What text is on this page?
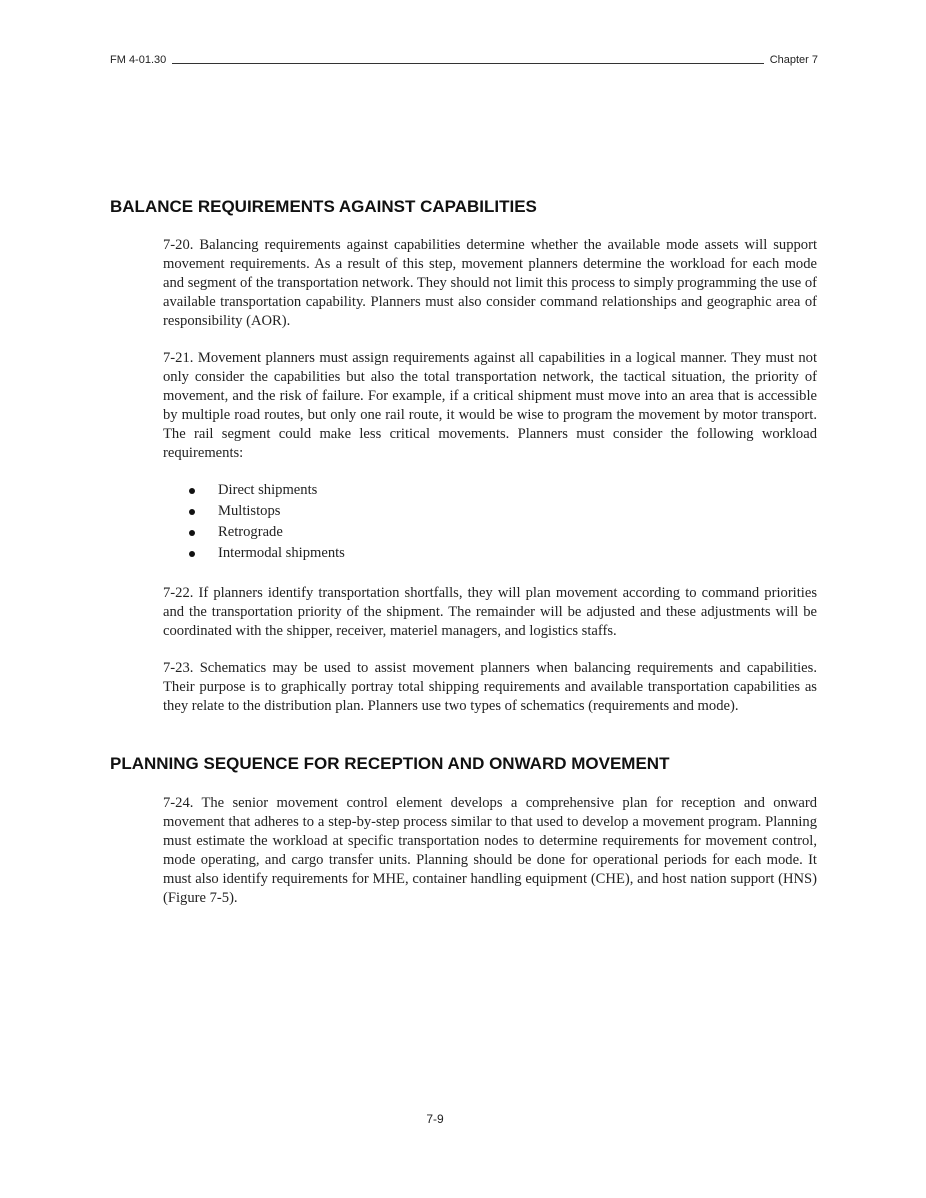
FM 4-01.30	Chapter 7
BALANCE REQUIREMENTS AGAINST CAPABILITIES

7-20. Balancing requirements against capabilities determine whether the available mode assets will support movement requirements. As a result of this step, movement planners determine the workload for each mode and segment of the transportation network. They should not limit this process to simply programming the use of available transportation capability. Planners must also consider command relationships and geographic area of responsibility (AOR).

7-21. Movement planners must assign requirements against all capabilities in a logical manner. They must not only consider the capabilities but also the total transportation network, the tactical situation, the priority of movement, and the risk of failure. For example, if a critical shipment must move into an area that is accessible by multiple road routes, but only one rail route, it would be wise to program the movement by motor transport. The rail segment could make less critical movements. Planners must consider the following workload requirements:

Direct shipments
Multistops
Retrograde
Intermodal shipments

7-22. If planners identify transportation shortfalls, they will plan movement according to command priorities and the transportation priority of the shipment. The remainder will be adjusted and these adjustments will be coordinated with the shipper, receiver, materiel managers, and logistics staffs.

7-23. Schematics may be used to assist movement planners when balancing requirements and capabilities. Their purpose is to graphically portray total shipping requirements and available transportation capabilities as they relate to the distribution plan. Planners use two types of schematics (requirements and mode).

PLANNING SEQUENCE FOR RECEPTION AND ONWARD MOVEMENT

7-24. The senior movement control element develops a comprehensive plan for reception and onward movement that adheres to a step-by-step process similar to that used to develop a movement program. Planning must estimate the workload at specific transportation nodes to determine requirements for movement control, mode operating, and cargo transfer units. Planning should be done for operational periods for each mode. It must also identify requirements for MHE, container handling equipment (CHE), and host nation support (HNS) (Figure 7-5).

7-9
